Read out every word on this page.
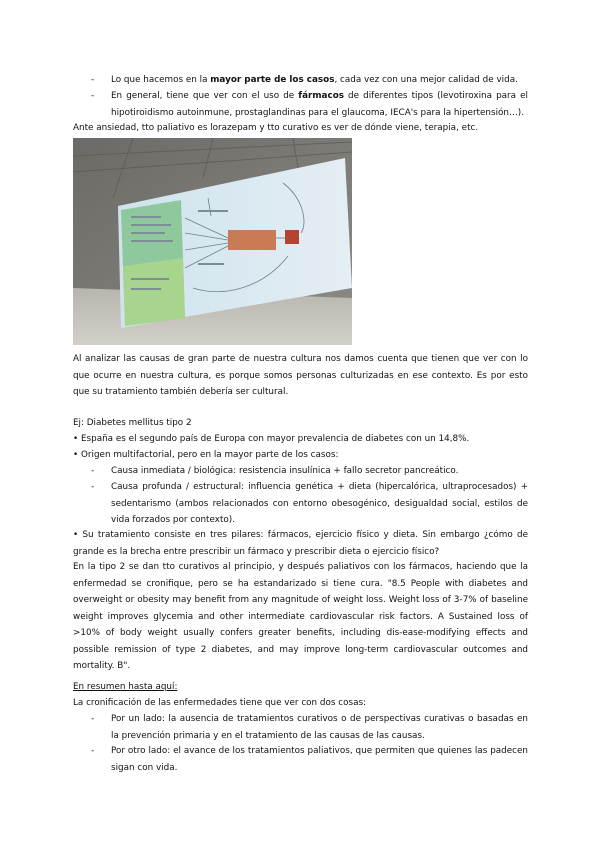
- Lo que hacemos en la mayor parte de los casos, cada vez con una mejor calidad de vida.

- En general, tiene que ver con el uso de fármacos de diferentes tipos (levotiroxina para el hipotiroidismo autoinmune, prostaglandinas para el glaucoma, IECA's para la hipertensión…).

Ante ansiedad, tto paliativo es lorazepam y tto curativo es ver de dónde viene, terapia, etc.

Al analizar las causas de gran parte de nuestra cultura nos damos cuenta que tienen que ver con lo que ocurre en nuestra cultura, es porque somos personas culturizadas en ese contexto. Es por esto que su tratamiento también debería ser cultural.

Ej: Diabetes mellitus tipo 2

• España es el segundo país de Europa con mayor prevalencia de diabetes con un 14,8%.

• Origen multifactorial, pero en la mayor parte de los casos:

- Causa inmediata / biológica: resistencia insulínica + fallo secretor pancreático.

- Causa profunda / estructural: influencia genética + dieta (hipercalórica, ultraprocesados) + sedentarismo (ambos relacionados con entorno obesogénico, desigualdad social, estilos de vida forzados por contexto).

• Su tratamiento consiste en tres pilares: fármacos, ejercicio físico y dieta. Sin embargo ¿cómo de grande es la brecha entre prescribir un fármaco y prescribir dieta o ejercicio físico?

En la tipo 2 se dan tto curativos al principio, y después paliativos con los fármacos, haciendo que la enfermedad se cronifique, pero se ha estandarizado si tiene cura. "8.5 People with diabetes and overweight or obesity may benefit from any magnitude of weight loss. Weight loss of 3-7% of baseline weight improves glycemia and other intermediate cardiovascular risk factors. A Sustained loss of >10% of body weight usually confers greater benefits, including dis-ease-modifying effects and possible remission of type 2 diabetes, and may improve long-term cardiovascular outcomes and mortality. B".

En resumen hasta aquí:

La cronificación de las enfermedades tiene que ver con dos cosas:

- Por un lado: la ausencia de tratamientos curativos o de perspectivas curativas o basadas en la prevención primaria y en el tratamiento de las causas de las causas.

- Por otro lado: el avance de los tratamientos paliativos, que permiten que quienes las padecen sigan con vida.
